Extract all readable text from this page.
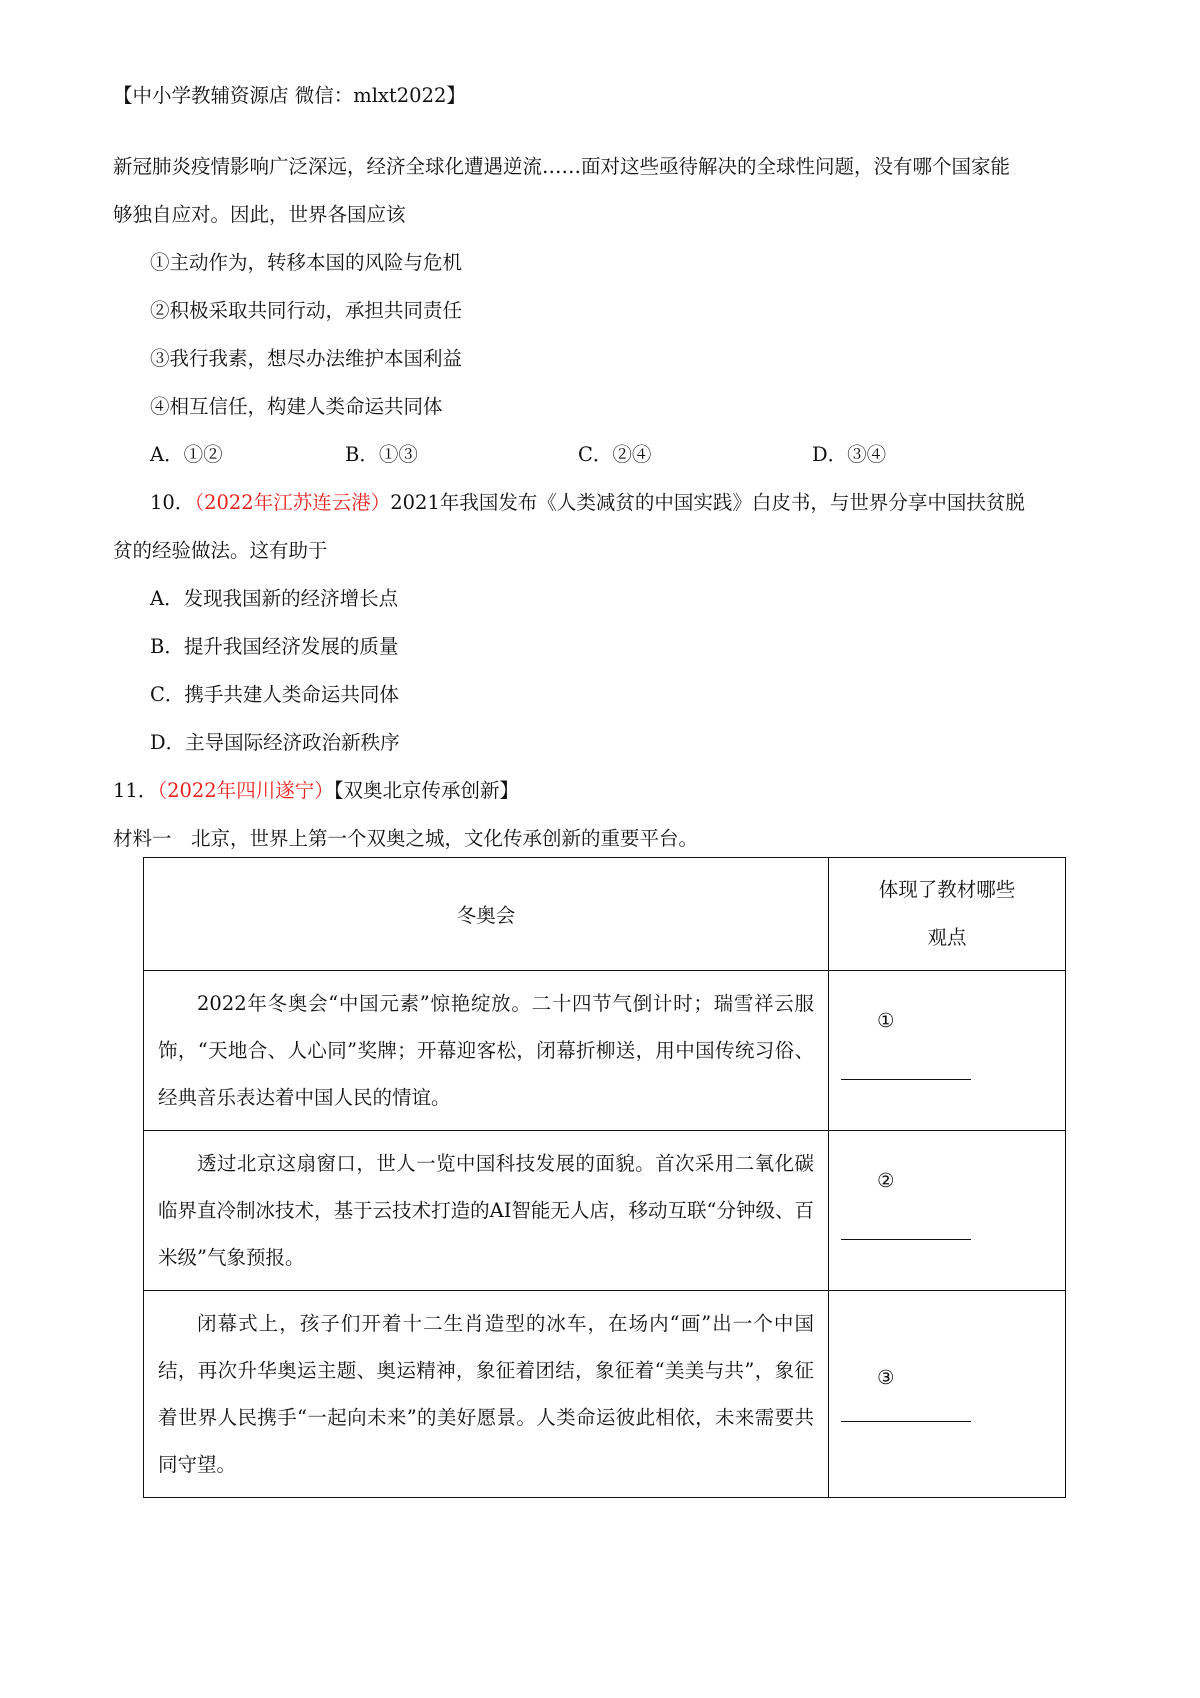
【中小学教辅资源店 微信：mlxt2022】
新冠肺炎疫情影响广泛深远，经济全球化遭遇逆流……面对这些亟待解决的全球性问题，没有哪个国家能
够独自应对。因此，世界各国应该
①主动作为，转移本国的风险与危机
②积极采取共同行动，承担共同责任
③我行我素，想尽办法维护本国利益
④相互信任，构建人类命运共同体
A．①②	B．①③	C．②④	D．③④
10．（2022年江苏连云港）2021年我国发布《人类减贫的中国实践》白皮书，与世界分享中国扶贫脱
贫的经验做法。这有助于
A．发现我国新的经济增长点
B．提升我国经济发展的质量
C．携手共建人类命运共同体
D．主导国际经济政治新秩序
11．（2022年四川遂宁）【双奥北京传承创新】
材料一　北京，世界上第一个双奥之城，文化传承创新的重要平台。
冬奥会	体现了教材哪些
观点

2022年冬奥会“中国元素”惊艳绽放。二十四节气倒计时；瑞雪祥云服饰，“天地合、人心同”奖牌；开幕迎客松，闭幕折柳送，用中国传统习俗、经典音乐表达着中国人民的情谊。	①

透过北京这扇窗口，世人一览中国科技发展的面貌。首次采用二氧化碳临界直冷制冰技术，基于云技术打造的AI智能无人店，移动互联“分钟级、百米级”气象预报。	②

闭幕式上，孩子们开着十二生肖造型的冰车，在场内“画”出一个中国结，再次升华奥运主题、奥运精神，象征着团结，象征着“美美与共”，象征着世界人民携手“一起向未来”的美好愿景。人类命运彼此相依，未来需要共同守望。	③
